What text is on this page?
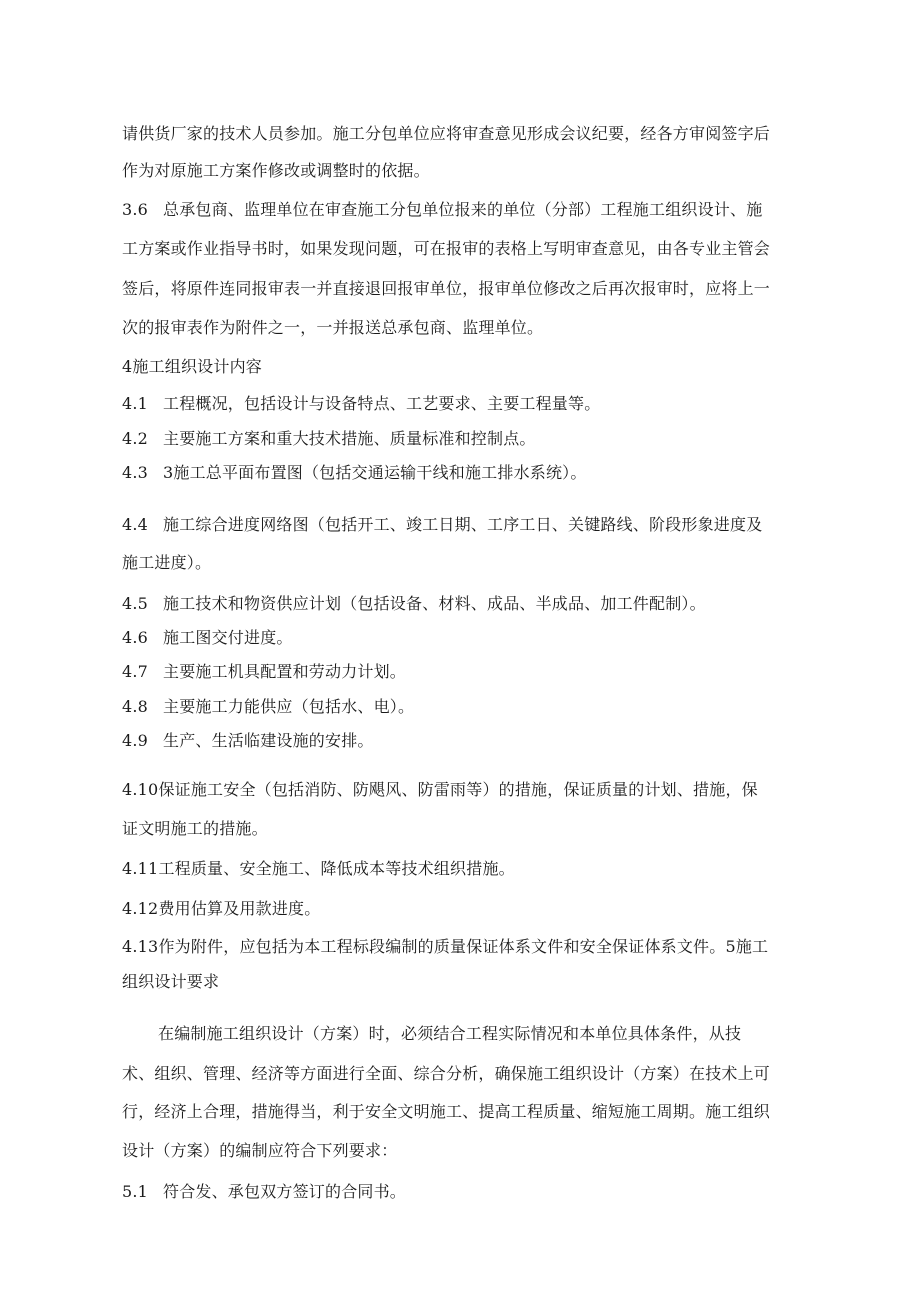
请供货厂家的技术人员参加。施工分包单位应将审查意见形成会议纪要，经各方审阅签字后
作为对原施工方案作修改或调整时的依据。
3.6 总承包商、监理单位在审查施工分包单位报来的单位（分部）工程施工组织设计、施
工方案或作业指导书时，如果发现问题，可在报审的表格上写明审查意见，由各专业主管会
签后，将原件连同报审表一并直接退回报审单位，报审单位修改之后再次报审时，应将上一
次的报审表作为附件之一，一并报送总承包商、监理单位。
4施工组织设计内容
4.1 工程概况，包括设计与设备特点、工艺要求、主要工程量等。
4.2 主要施工方案和重大技术措施、质量标准和控制点。
4.3 3施工总平面布置图（包括交通运输干线和施工排水系统）。
4.4 施工综合进度网络图（包括开工、竣工日期、工序工日、关键路线、阶段形象进度及
施工进度）。
4.5 施工技术和物资供应计划（包括设备、材料、成品、半成品、加工件配制）。
4.6 施工图交付进度。
4.7 主要施工机具配置和劳动力计划。
4.8 主要施工力能供应（包括水、电）。
4.9 生产、生活临建设施的安排。
4.10保证施工安全（包括消防、防飓风、防雷雨等）的措施，保证质量的计划、措施，保
证文明施工的措施。
4.11工程质量、安全施工、降低成本等技术组织措施。
4.12费用估算及用款进度。
4.13作为附件，应包括为本工程标段编制的质量保证体系文件和安全保证体系文件。5施工
组织设计要求
在编制施工组织设计（方案）时，必须结合工程实际情况和本单位具体条件，从技
术、组织、管理、经济等方面进行全面、综合分析，确保施工组织设计（方案）在技术上可
行，经济上合理，措施得当，利于安全文明施工、提高工程质量、缩短施工周期。施工组织
设计（方案）的编制应符合下列要求：
5.1 符合发、承包双方签订的合同书。
